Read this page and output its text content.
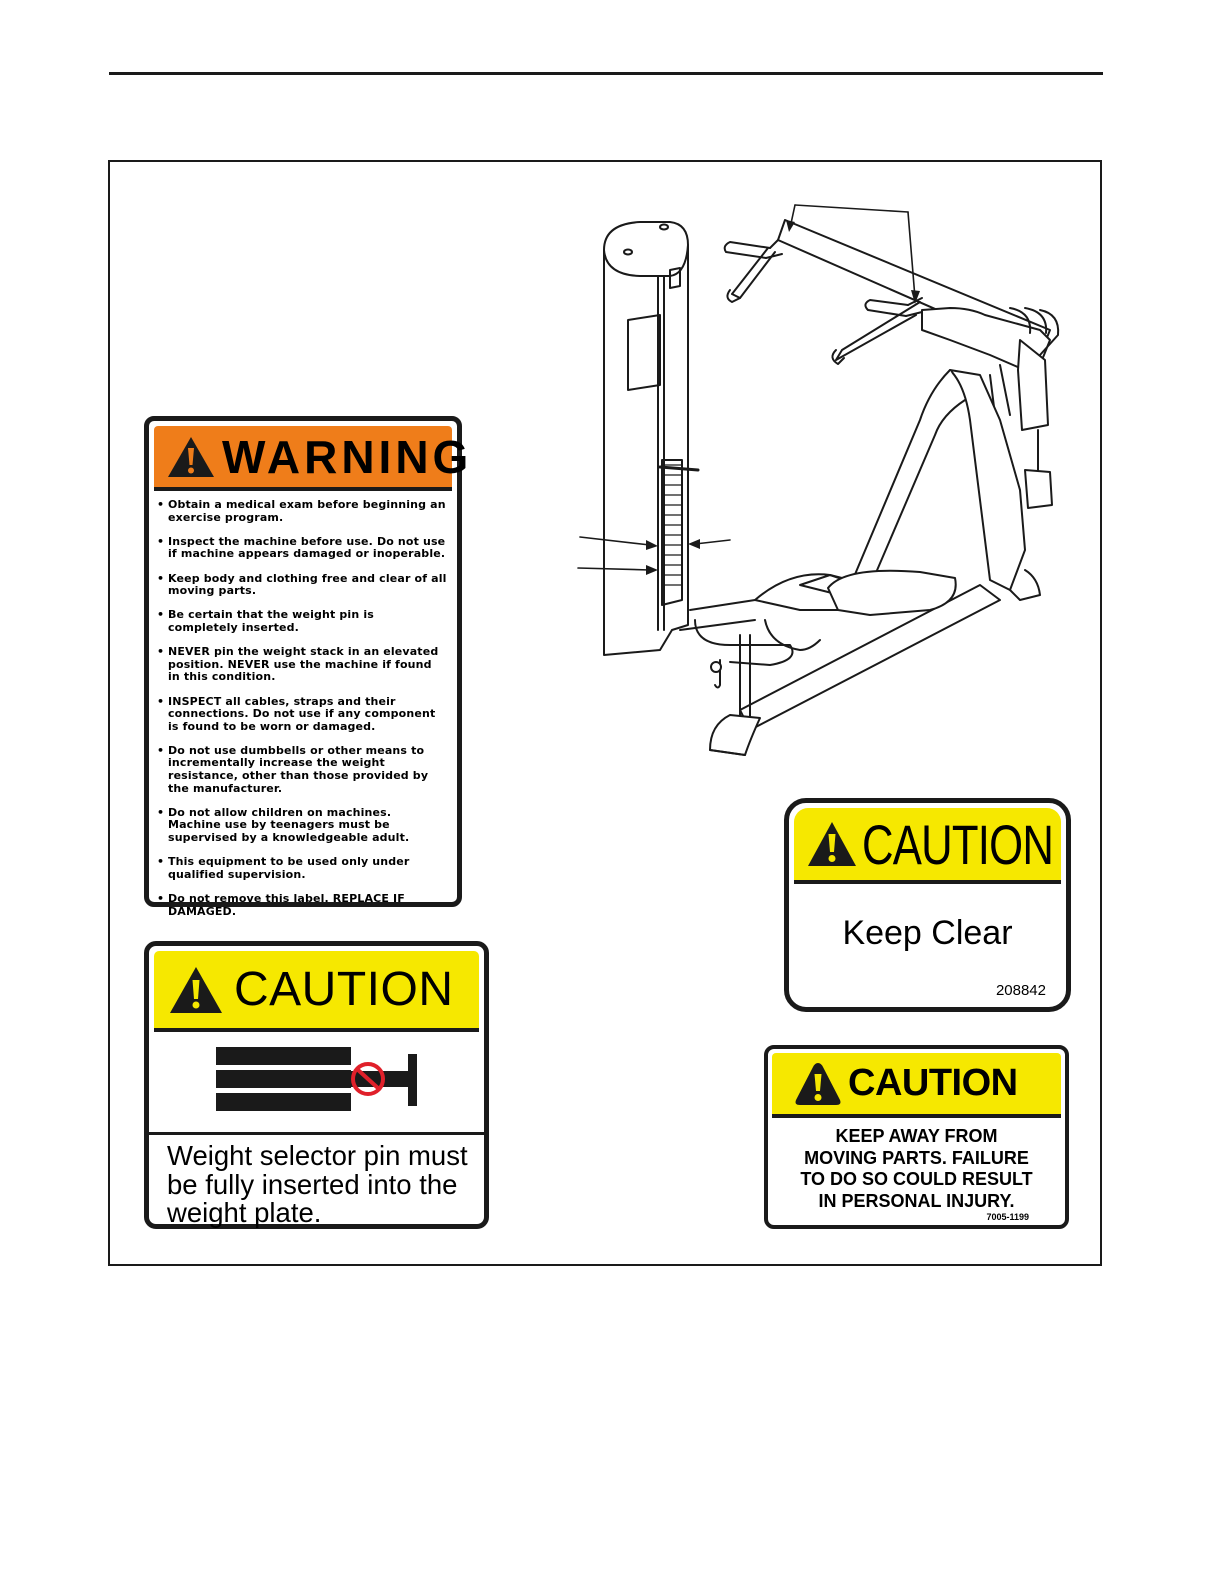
WARNING
• Obtain a medical exam before beginning an exercise program.
• Inspect the machine before use. Do not use if machine appears damaged or inoperable.
• Keep body and clothing free and clear of all moving parts.
• Be certain that the weight pin is completely inserted.
• NEVER pin the weight stack in an elevated position. NEVER use the machine if found in this condition.
• INSPECT all cables, straps and their connections. Do not use if any component is found to be worn or damaged.
• Do not use dumbbells or other means to incrementally increase the weight resistance, other than those provided by the manufacturer.
• Do not allow children on machines. Machine use by teenagers must be supervised by a knowledgeable adult.
• This equipment to be used only under qualified supervision.
• Do not remove this label. REPLACE IF DAMAGED.
CAUTION
Weight selector pin must be fully inserted into the weight plate.
CAUTION
Keep Clear
208842
CAUTION
KEEP AWAY FROM
MOVING PARTS. FAILURE
TO DO SO COULD RESULT
IN PERSONAL INJURY.
7005-1199
